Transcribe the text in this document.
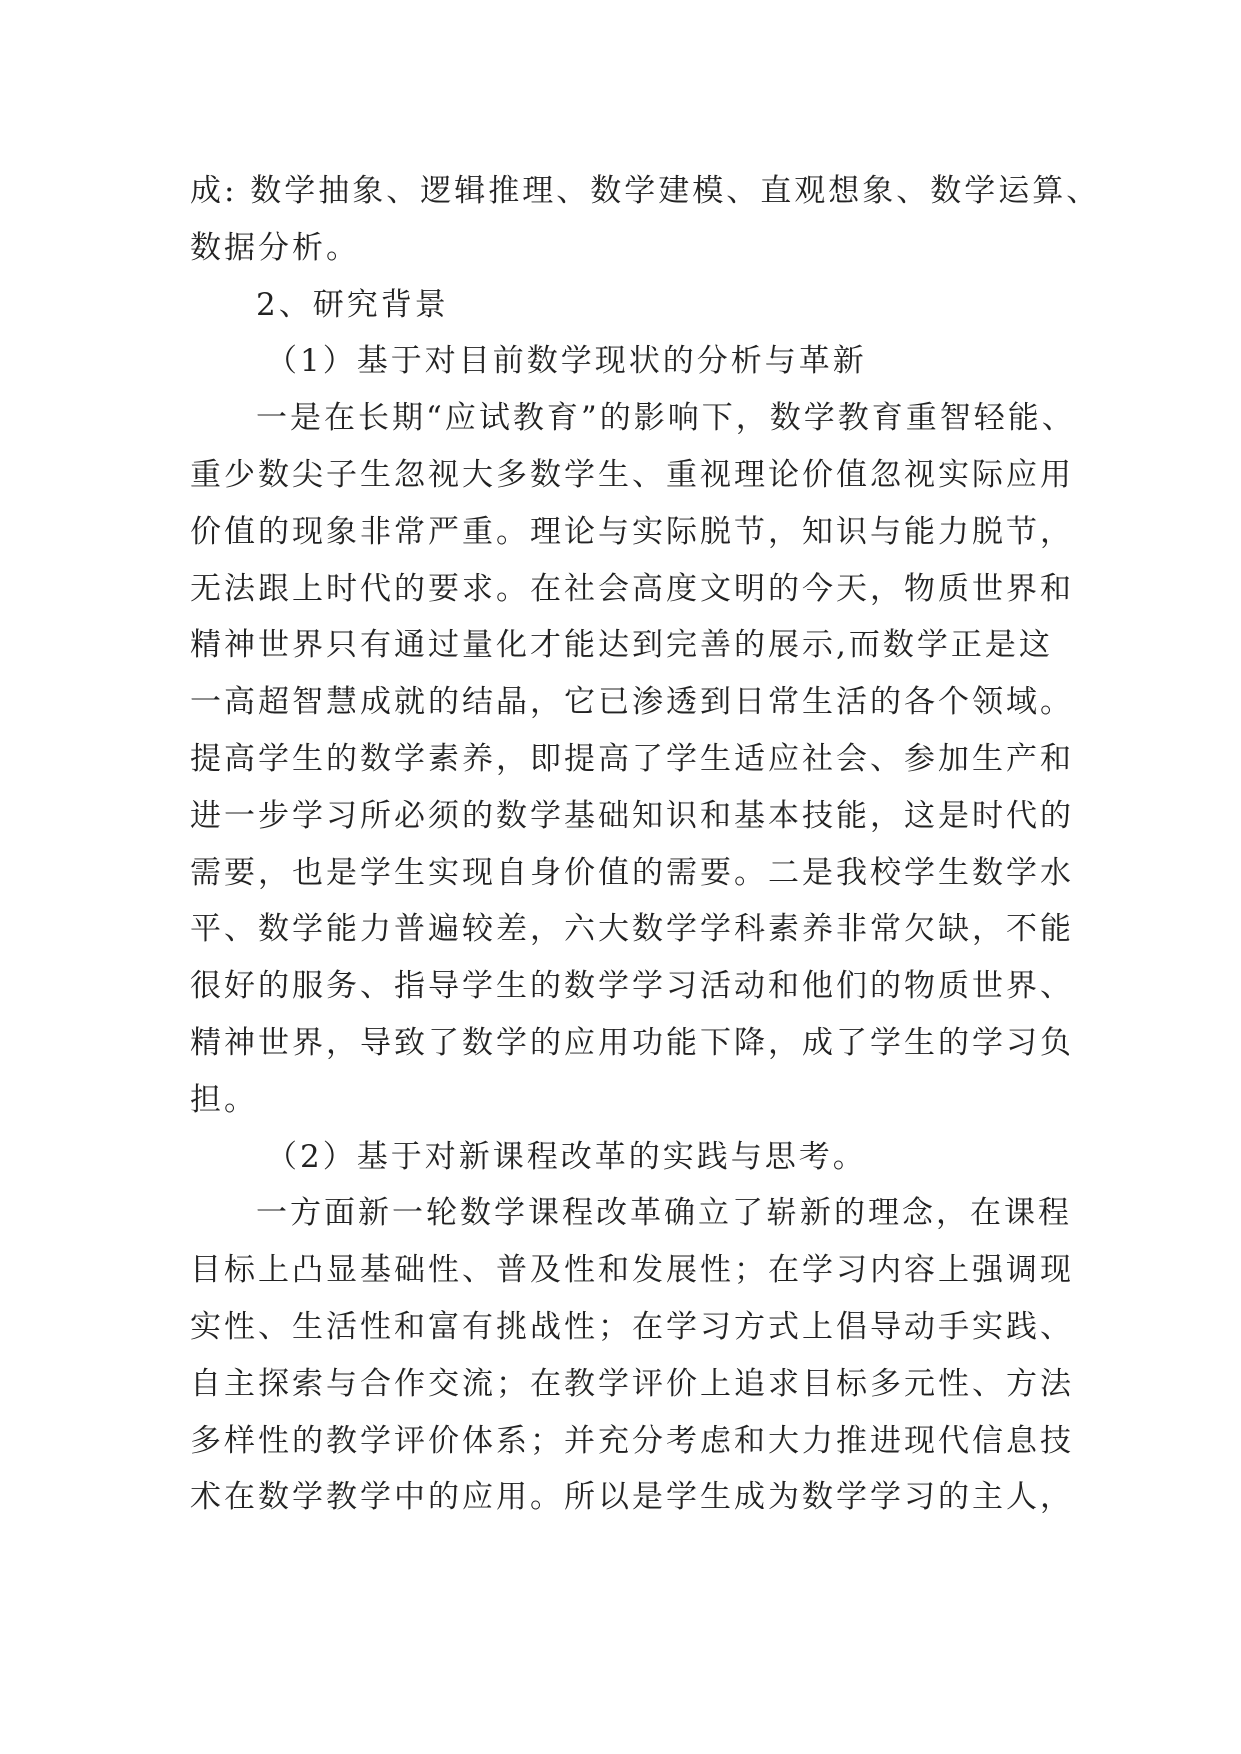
成: 数学抽象、逻辑推理、数学建模、直观想象、数学运算、
数据分析。
2、研究背景
（1）基于对目前数学现状的分析与革新
一是在长期“应试教育”的影响下，数学教育重智轻能、
重少数尖子生忽视大多数学生、重视理论价值忽视实际应用
价值的现象非常严重。理论与实际脱节，知识与能力脱节，
无法跟上时代的要求。在社会高度文明的今天，物质世界和
精神世界只有通过量化才能达到完善的展示,而数学正是这
一高超智慧成就的结晶，它已渗透到日常生活的各个领域。
提高学生的数学素养，即提高了学生适应社会、参加生产和
进一步学习所必须的数学基础知识和基本技能，这是时代的
需要，也是学生实现自身价值的需要。二是我校学生数学水
平、数学能力普遍较差，六大数学学科素养非常欠缺，不能
很好的服务、指导学生的数学学习活动和他们的物质世界、
精神世界，导致了数学的应用功能下降，成了学生的学习负
担。
（2）基于对新课程改革的实践与思考。
一方面新一轮数学课程改革确立了崭新的理念，在课程
目标上凸显基础性、普及性和发展性；在学习内容上强调现
实性、生活性和富有挑战性；在学习方式上倡导动手实践、
自主探索与合作交流；在教学评价上追求目标多元性、方法
多样性的教学评价体系；并充分考虑和大力推进现代信息技
术在数学教学中的应用。所以是学生成为数学学习的主人，
